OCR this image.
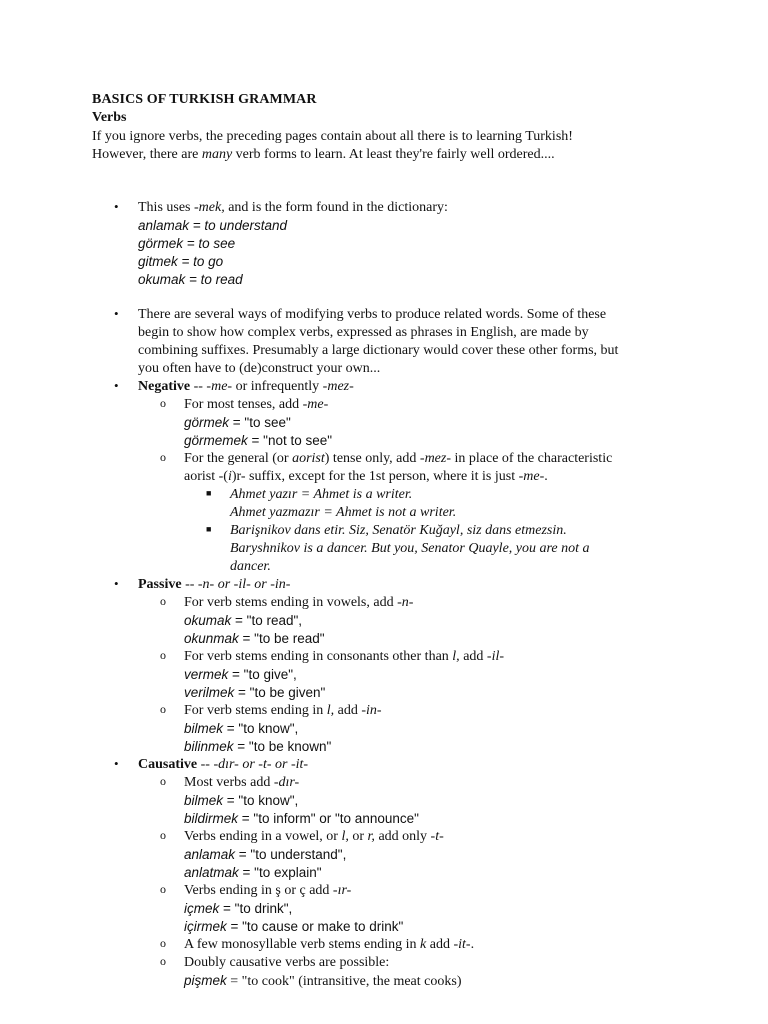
BASICS OF TURKISH GRAMMAR
Verbs
If you ignore verbs, the preceding pages contain about all there is to learning Turkish!
However, there are many verb forms to learn. At least they're fairly well ordered....
• This uses -mek, and is the form found in the dictionary:
anlamak = to understand
görmek = to see
gitmek = to go
okumak = to read
• There are several ways of modifying verbs to produce related words. Some of these
begin to show how complex verbs, expressed as phrases in English, are made by
combining suffixes. Presumably a large dictionary would cover these other forms, but
you often have to (de)construct your own...
• Negative -- -me- or infrequently -mez-
o For most tenses, add -me-
görmek = "to see"
görmemek = "not to see"
o For the general (or aorist) tense only, add -mez- in place of the characteristic
aorist -(i)r- suffix, except for the 1st person, where it is just -me-.
■ Ahmet yazır = Ahmet is a writer.
Ahmet yazmazır = Ahmet is not a writer.
■ Barişnikov dans etir. Siz, Senatör Kuğayl, siz dans etmezsin.
Baryshnikov is a dancer. But you, Senator Quayle, you are not a
dancer.
• Passive -- -n- or -il- or -in-
o For verb stems ending in vowels, add -n-
okumak = "to read",
okunmak = "to be read"
o For verb stems ending in consonants other than l, add -il-
vermek = "to give",
verilmek = "to be given"
o For verb stems ending in l, add -in-
bilmek = "to know",
bilinmek = "to be known"
• Causative -- -dır- or -t- or -it-
o Most verbs add -dır-
bilmek = "to know",
bildirmek = "to inform" or "to announce"
o Verbs ending in a vowel, or l, or r, add only -t-
anlamak = "to understand",
anlatmak = "to explain"
o Verbs ending in ş or ç add -ır-
içmek = "to drink",
içirmek = "to cause or make to drink"
o A few monosyllable verb stems ending in k add -it-.
o Doubly causative verbs are possible:
pişmek = "to cook" (intransitive, the meat cooks)
